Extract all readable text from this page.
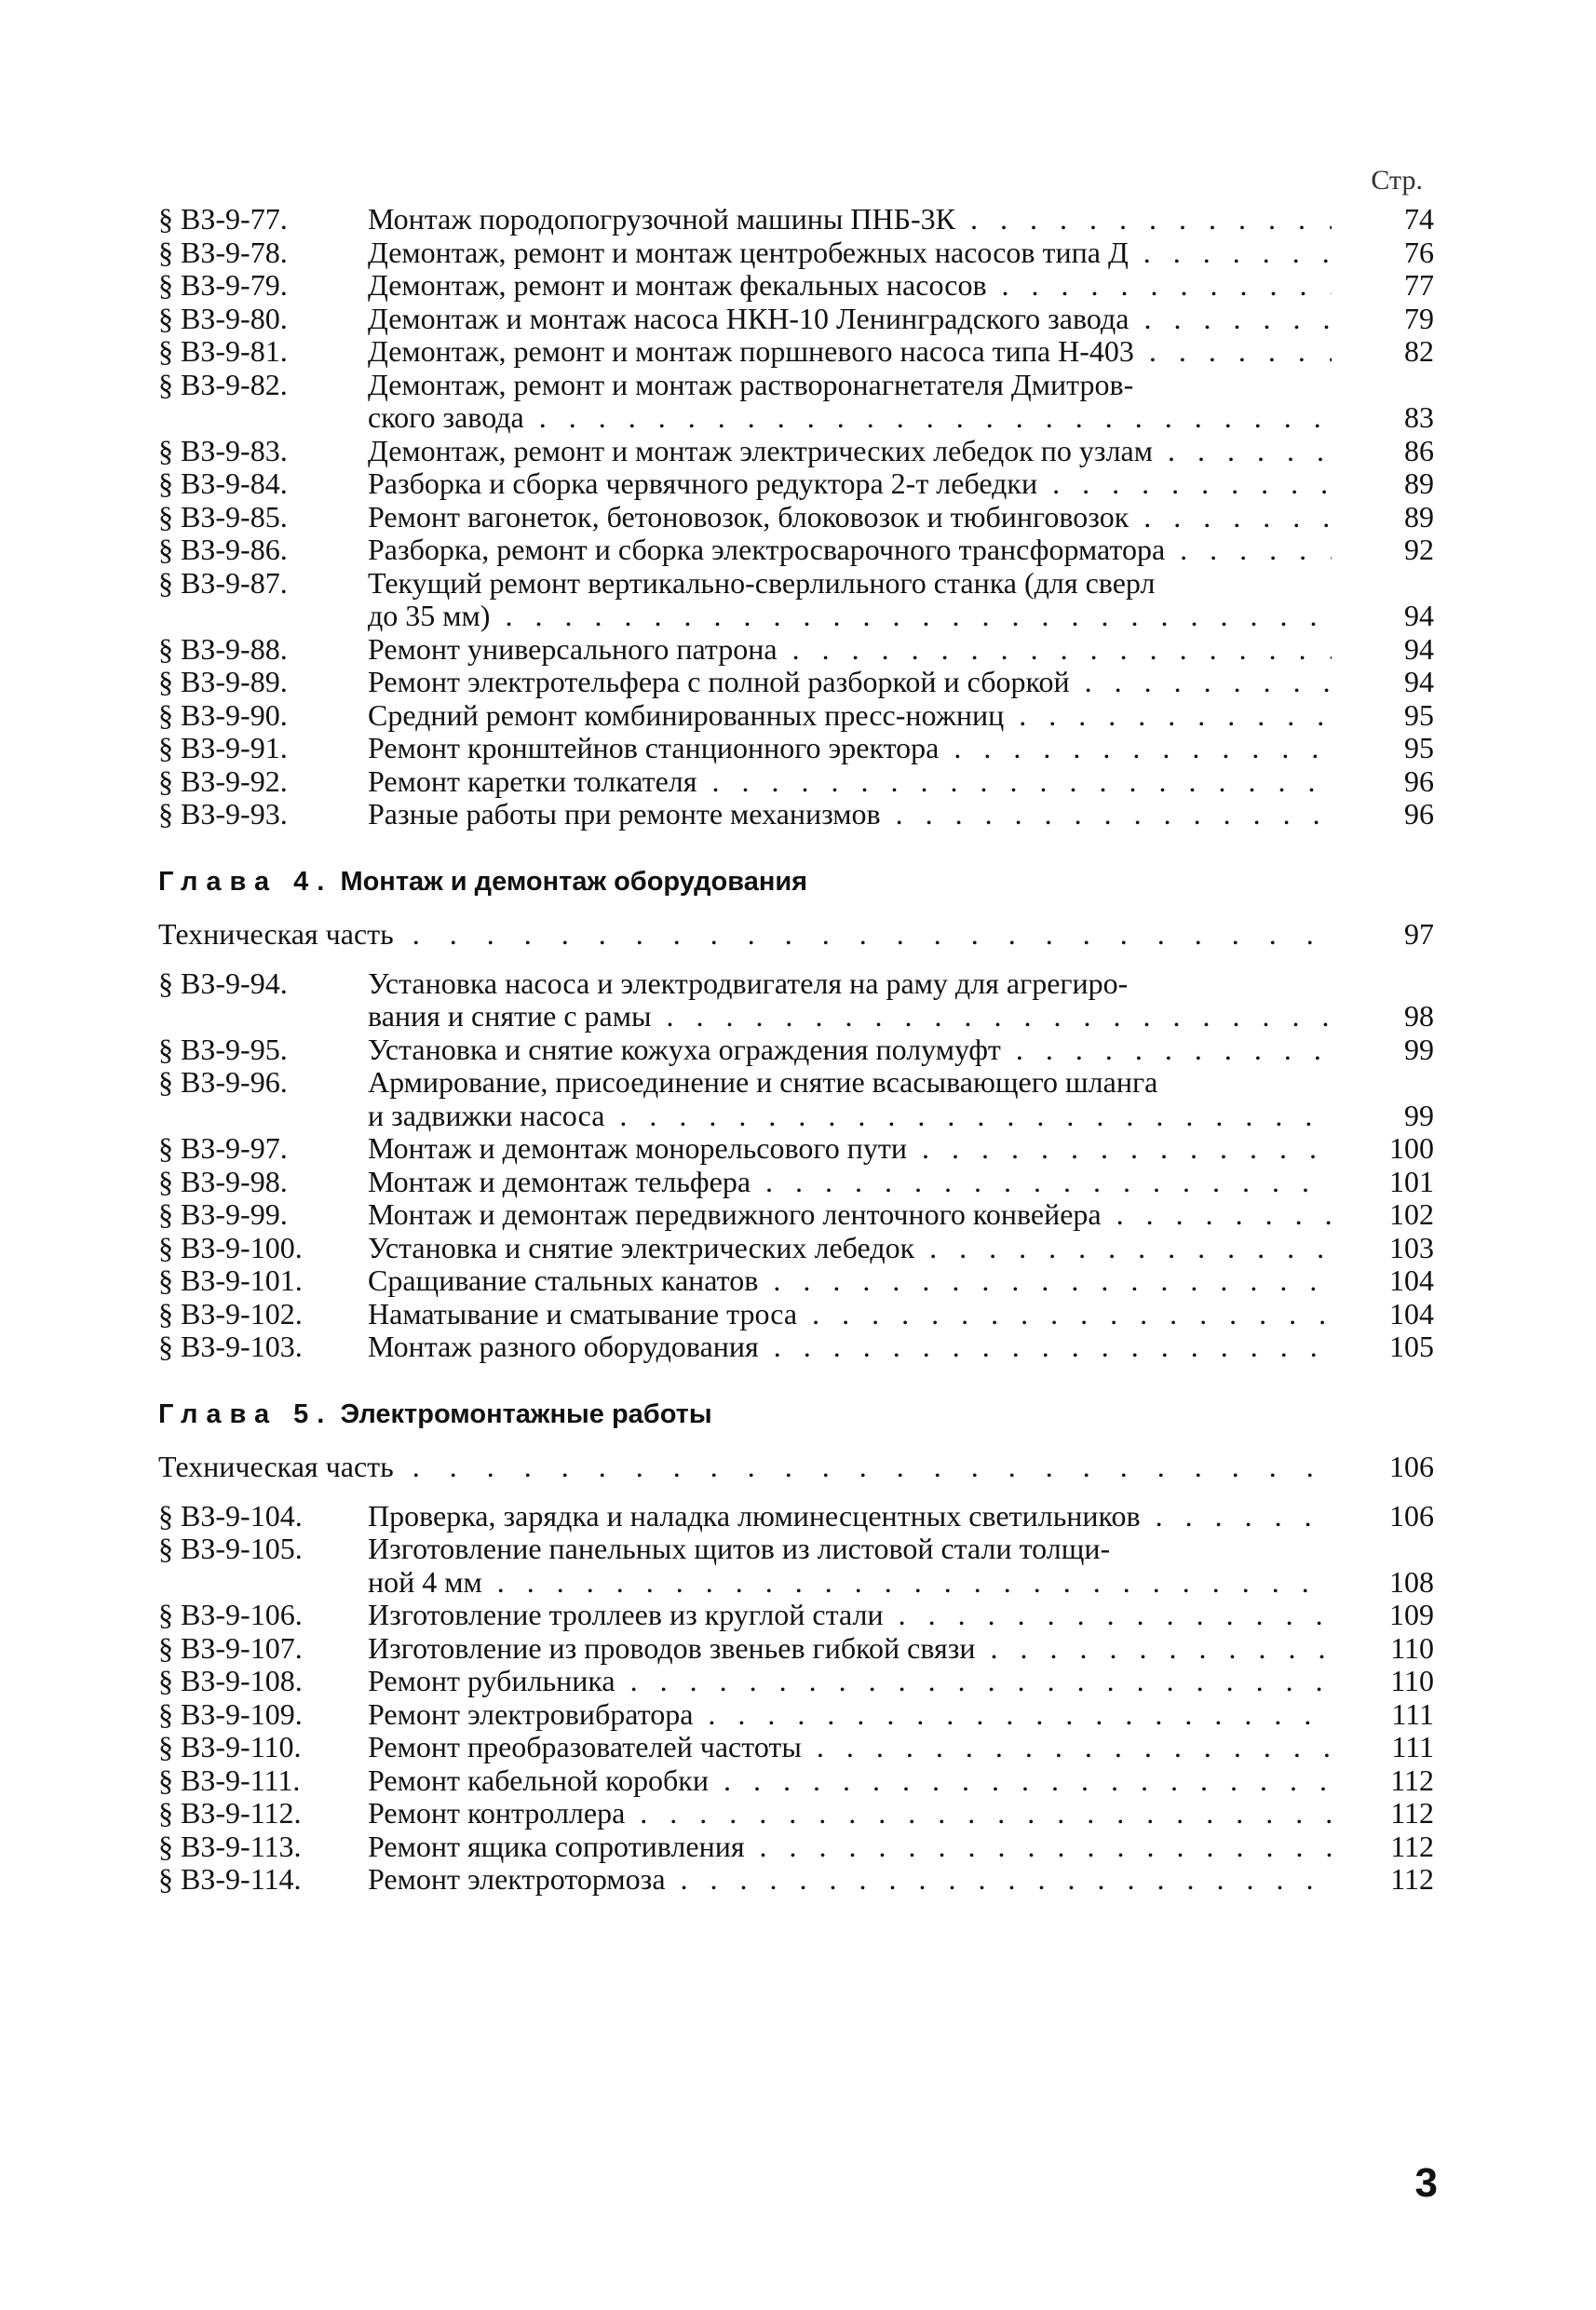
Стр.
§ ВЗ-9-77.	Монтаж породопогрузочной машины ПНБ-3К . . .	74
§ ВЗ-9-78.	Демонтаж, ремонт и монтаж центробежных насосов типа Д . . .	76
§ ВЗ-9-79.	Демонтаж, ремонт и монтаж фекальных насосов . . .	77
§ ВЗ-9-80.	Демонтаж и монтаж насоса НКН-10 Ленинградского завода . . .	79
§ ВЗ-9-81.	Демонтаж, ремонт и монтаж поршневого насоса типа Н-403 . . .	82
§ ВЗ-9-82.	Демонтаж, ремонт и монтаж растворонагнетателя Дмитров-
ского завода . . .	83
§ ВЗ-9-83.	Демонтаж, ремонт и монтаж электрических лебедок по узлам . . .	86
§ ВЗ-9-84.	Разборка и сборка червячного редуктора 2-т лебедки . . .	89
§ ВЗ-9-85.	Ремонт вагонеток, бетоновозок, блоковозок и тюбинговозок . . .	89
§ ВЗ-9-86.	Разборка, ремонт и сборка электросварочного трансформатора . . .	92
§ ВЗ-9-87.	Текущий ремонт вертикально-сверлильного станка (для сверл
до 35 мм) . . .	94
§ ВЗ-9-88.	Ремонт универсального патрона . . .	94
§ ВЗ-9-89.	Ремонт электротельфера с полной разборкой и сборкой . . .	94
§ ВЗ-9-90.	Средний ремонт комбинированных пресс-ножниц . . .	95
§ ВЗ-9-91.	Ремонт кронштейнов станционного эректора . . .	95
§ ВЗ-9-92.	Ремонт каретки толкателя . . .	96
§ ВЗ-9-93.	Разные работы при ремонте механизмов . . .	96
Глава 4. Монтаж и демонтаж оборудования
Техническая часть . . .	97
§ ВЗ-9-94.	Установка насоса и электродвигателя на раму для агрегиро-
вания и снятие с рамы . . .	98
§ ВЗ-9-95.	Установка и снятие кожуха ограждения полумуфт . . .	99
§ ВЗ-9-96.	Армирование, присоединение и снятие всасывающего шланга
и задвижки насоса . . .	99
§ ВЗ-9-97.	Монтаж и демонтаж монорельсового пути . . .	100
§ ВЗ-9-98.	Монтаж и демонтаж тельфера . . .	101
§ ВЗ-9-99.	Монтаж и демонтаж передвижного ленточного конвейера . . .	102
§ ВЗ-9-100.	Установка и снятие электрических лебедок . . .	103
§ ВЗ-9-101.	Сращивание стальных канатов . . .	104
§ ВЗ-9-102.	Наматывание и сматывание троса . . .	104
§ ВЗ-9-103.	Монтаж разного оборудования . . .	105
Глава 5. Электромонтажные работы
Техническая часть . . .	106
§ ВЗ-9-104.	Проверка, зарядка и наладка люминесцентных светильников . . .	106
§ ВЗ-9-105.	Изготовление панельных щитов из листовой стали толщи-
ной 4 мм . . .	108
§ ВЗ-9-106.	Изготовление троллеев из круглой стали . . .	109
§ ВЗ-9-107.	Изготовление из проводов звеньев гибкой связи . . .	110
§ ВЗ-9-108.	Ремонт рубильника . . .	110
§ ВЗ-9-109.	Ремонт электровибратора . . .	111
§ ВЗ-9-110.	Ремонт преобразователей частоты . . .	111
§ ВЗ-9-111.	Ремонт кабельной коробки . . .	112
§ ВЗ-9-112.	Ремонт контроллера . . .	112
§ ВЗ-9-113.	Ремонт ящика сопротивления . . .	112
§ ВЗ-9-114.	Ремонт электротормоза . . .	112
3
